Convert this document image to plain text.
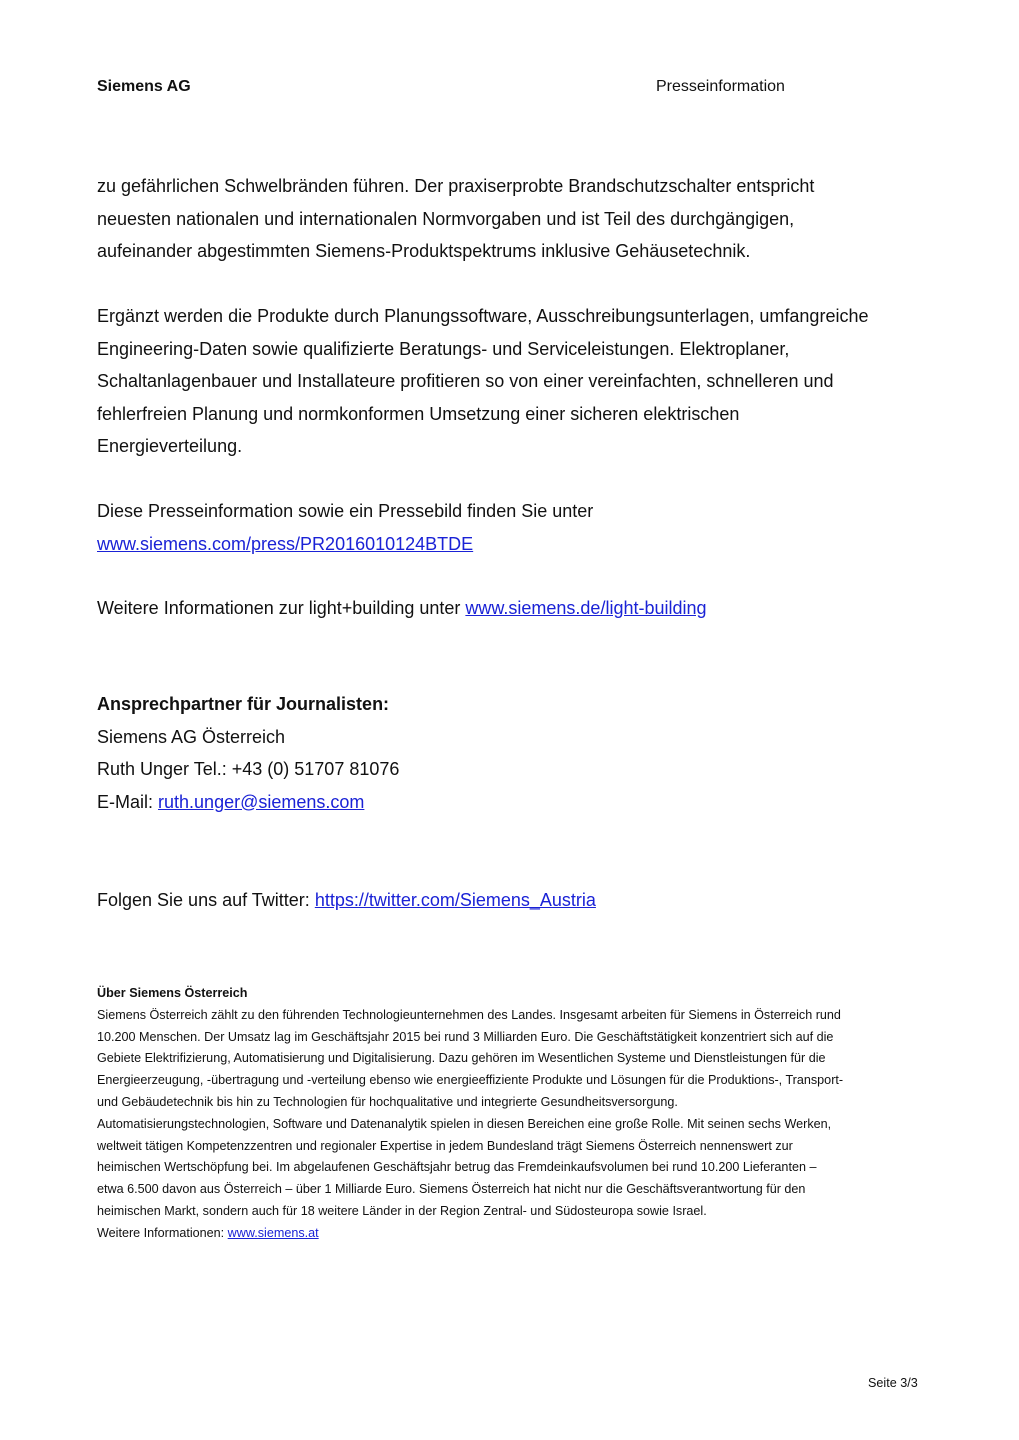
Siemens AG	Presseinformation
zu gefährlichen Schwelbränden führen. Der praxiserprobte Brandschutzschalter entspricht
neuesten nationalen und internationalen Normvorgaben und ist Teil des durchgängigen,
aufeinander abgestimmten Siemens-Produktspektrums inklusive Gehäusetechnik.
Ergänzt werden die Produkte durch Planungssoftware, Ausschreibungsunterlagen, umfangreiche
Engineering-Daten sowie qualifizierte Beratungs- und Serviceleistungen. Elektroplaner,
Schaltanlagenbauer und Installateure profitieren so von einer vereinfachten, schnelleren und
fehlerfreien Planung und normkonformen Umsetzung einer sicheren elektrischen
Energieverteilung.
Diese Presseinformation sowie ein Pressebild finden Sie unter
www.siemens.com/press/PR2016010124BTDE
Weitere Informationen zur light+building unter www.siemens.de/light-building
Ansprechpartner für Journalisten:
Siemens AG Österreich
Ruth Unger Tel.: +43 (0) 51707 81076
E-Mail: ruth.unger@siemens.com
Folgen Sie uns auf Twitter: https://twitter.com/Siemens_Austria
Über Siemens Österreich
Siemens Österreich zählt zu den führenden Technologieunternehmen des Landes. Insgesamt arbeiten für Siemens in Österreich rund
10.200 Menschen. Der Umsatz lag im Geschäftsjahr 2015 bei rund 3 Milliarden Euro. Die Geschäftstätigkeit konzentriert sich auf die
Gebiete Elektrifizierung, Automatisierung und Digitalisierung. Dazu gehören im Wesentlichen Systeme und Dienstleistungen für die
Energieerzeugung, -übertragung und -verteilung ebenso wie energieeffiziente Produkte und Lösungen für die Produktions-, Transport-
und Gebäudetechnik bis hin zu Technologien für hochqualitative und integrierte Gesundheitsversorgung.
Automatisierungstechnologien, Software und Datenanalytik spielen in diesen Bereichen eine große Rolle. Mit seinen sechs Werken,
weltweit tätigen Kompetenzzentren und regionaler Expertise in jedem Bundesland trägt Siemens Österreich nennenswert zur
heimischen Wertschöpfung bei. Im abgelaufenen Geschäftsjahr betrug das Fremdeinkaufsvolumen bei rund 10.200 Lieferanten –
etwa 6.500 davon aus Österreich – über 1 Milliarde Euro. Siemens Österreich hat nicht nur die Geschäftsverantwortung für den
heimischen Markt, sondern auch für 18 weitere Länder in der Region Zentral- und Südosteuropa sowie Israel.
Weitere Informationen: www.siemens.at
Seite 3/3
